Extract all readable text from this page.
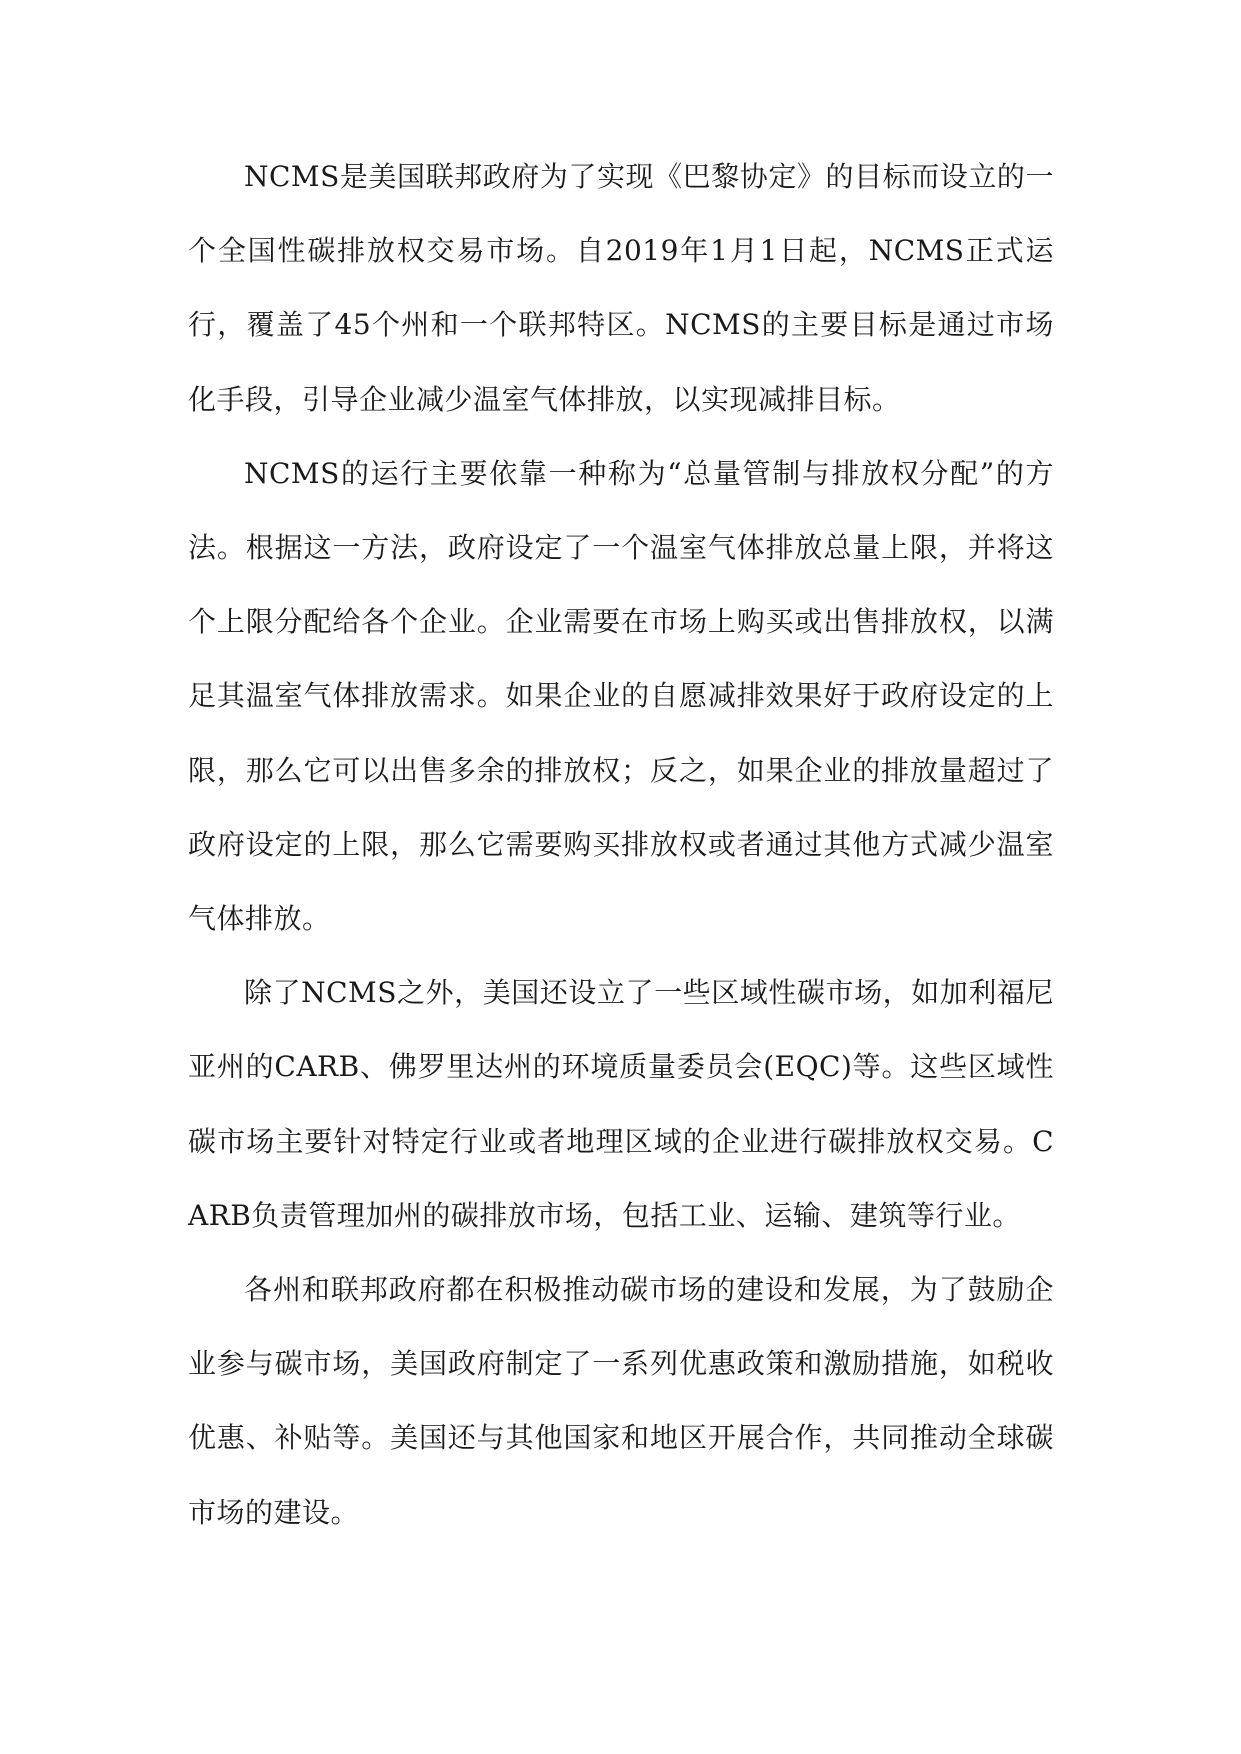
NCMS是美国联邦政府为了实现《巴黎协定》的目标而设立的一个全国性碳排放权交易市场。自2019年1月1日起，NCMS正式运行，覆盖了45个州和一个联邦特区。NCMS的主要目标是通过市场化手段，引导企业减少温室气体排放，以实现减排目标。

NCMS的运行主要依靠一种称为“总量管制与排放权分配”的方法。根据这一方法，政府设定了一个温室气体排放总量上限，并将这个上限分配给各个企业。企业需要在市场上购买或出售排放权，以满足其温室气体排放需求。如果企业的自愿减排效果好于政府设定的上限，那么它可以出售多余的排放权；反之，如果企业的排放量超过了政府设定的上限，那么它需要购买排放权或者通过其他方式减少温室气体排放。

除了NCMS之外，美国还设立了一些区域性碳市场，如加利福尼亚州的CARB、佛罗里达州的环境质量委员会(EQC)等。这些区域性碳市场主要针对特定行业或者地理区域的企业进行碳排放权交易。CARB负责管理加州的碳排放市场，包括工业、运输、建筑等行业。

各州和联邦政府都在积极推动碳市场的建设和发展，为了鼓励企业参与碳市场，美国政府制定了一系列优惠政策和激励措施，如税收优惠、补贴等。美国还与其他国家和地区开展合作，共同推动全球碳市场的建设。
